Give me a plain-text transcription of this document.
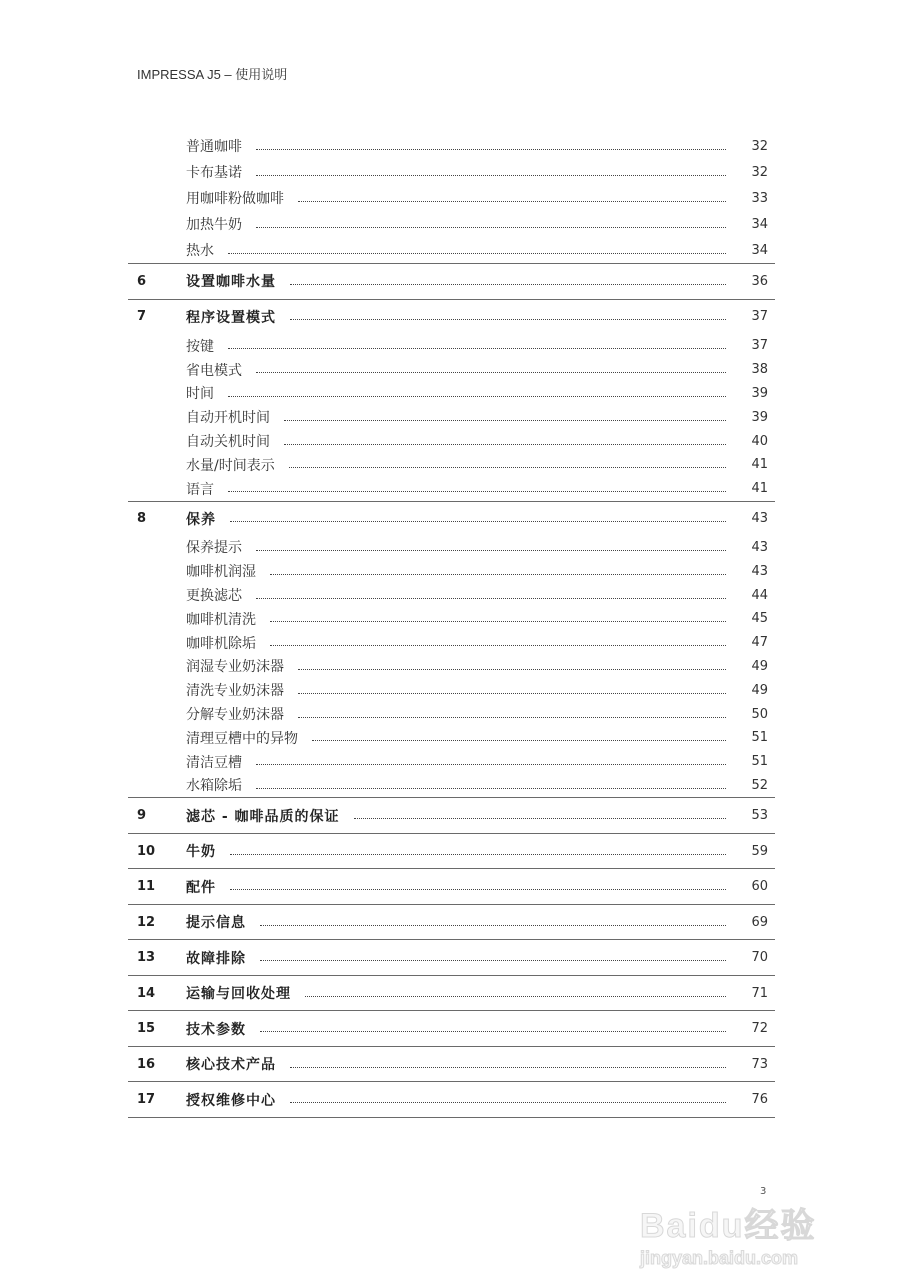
IMPRESSA J5 – 使用说明
普通咖啡	32
卡布基诺	32
用咖啡粉做咖啡	33
加热牛奶	34
热水	34
6	设置咖啡水量	36
7	程序设置模式	37
按键	37
省电模式	38
时间	39
自动开机时间	39
自动关机时间	40
水量/时间表示	41
语言	41
8	保养	43
保养提示	43
咖啡机润湿	43
更换滤芯	44
咖啡机清洗	45
咖啡机除垢	47
润湿专业奶沫器	49
清洗专业奶沫器	49
分解专业奶沫器	50
清理豆槽中的异物	51
清洁豆槽	51
水箱除垢	52
9	滤芯 - 咖啡品质的保证	53
10	牛奶	59
11	配件	60
12	提示信息	69
13	故障排除	70
14	运输与回收处理	71
15	技术参数	72
16	核心技术产品	73
17	授权维修中心	76
3
Baidu经验
jingyan.baidu.com
